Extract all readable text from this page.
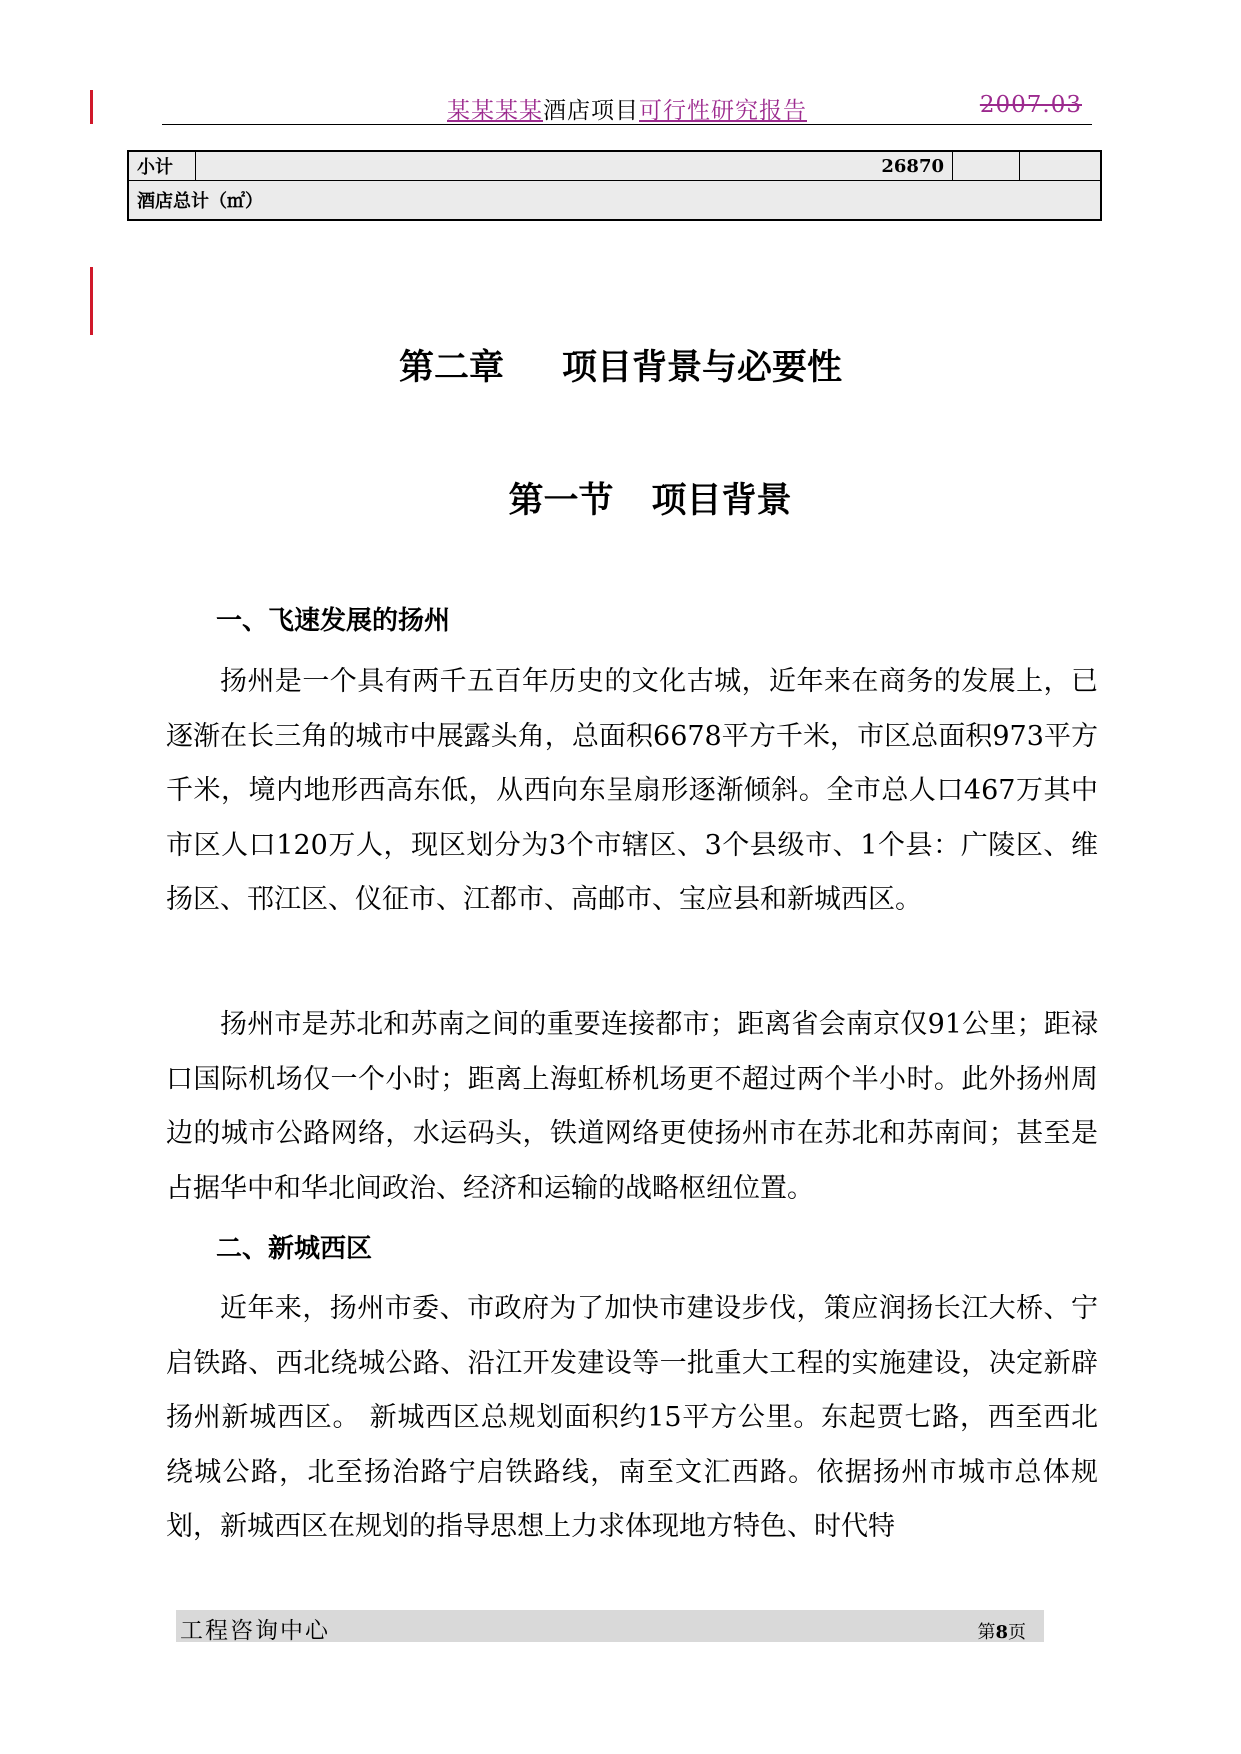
某某某某酒店项目可行性研究报告	2007.03
小计	26870		
酒店总计（㎡）
第二章 项目背景与必要性
第一节 项目背景
一、飞速发展的扬州

扬州是一个具有两千五百年历史的文化古城，近年来在商务的发展上，已逐渐在长三角的城市中展露头角，总面积6678平方千米，市区总面积973平方千米，境内地形西高东低，从西向东呈扇形逐渐倾斜。全市总人口467万其中市区人口120万人，现区划分为3个市辖区、3个县级市、1个县：广陵区、维扬区、邗江区、仪征市、江都市、高邮市、宝应县和新城西区。

扬州市是苏北和苏南之间的重要连接都市；距离省会南京仅91公里；距禄口国际机场仅一个小时；距离上海虹桥机场更不超过两个半小时。此外扬州周边的城市公路网络，水运码头，铁道网络更使扬州市在苏北和苏南间；甚至是占据华中和华北间政治、经济和运输的战略枢纽位置。

二、新城西区

近年来，扬州市委、市政府为了加快市建设步伐，策应润扬长江大桥、宁启铁路、西北绕城公路、沿江开发建设等一批重大工程的实施建设，决定新辟扬州新城西区。 新城西区总规划面积约15平方公里。东起贾七路，西至西北绕城公路，北至扬治路宁启铁路线，南至文汇西路。依据扬州市城市总体规划，新城西区在规划的指导思想上力求体现地方特色、时代特

工程咨询中心	第8页
